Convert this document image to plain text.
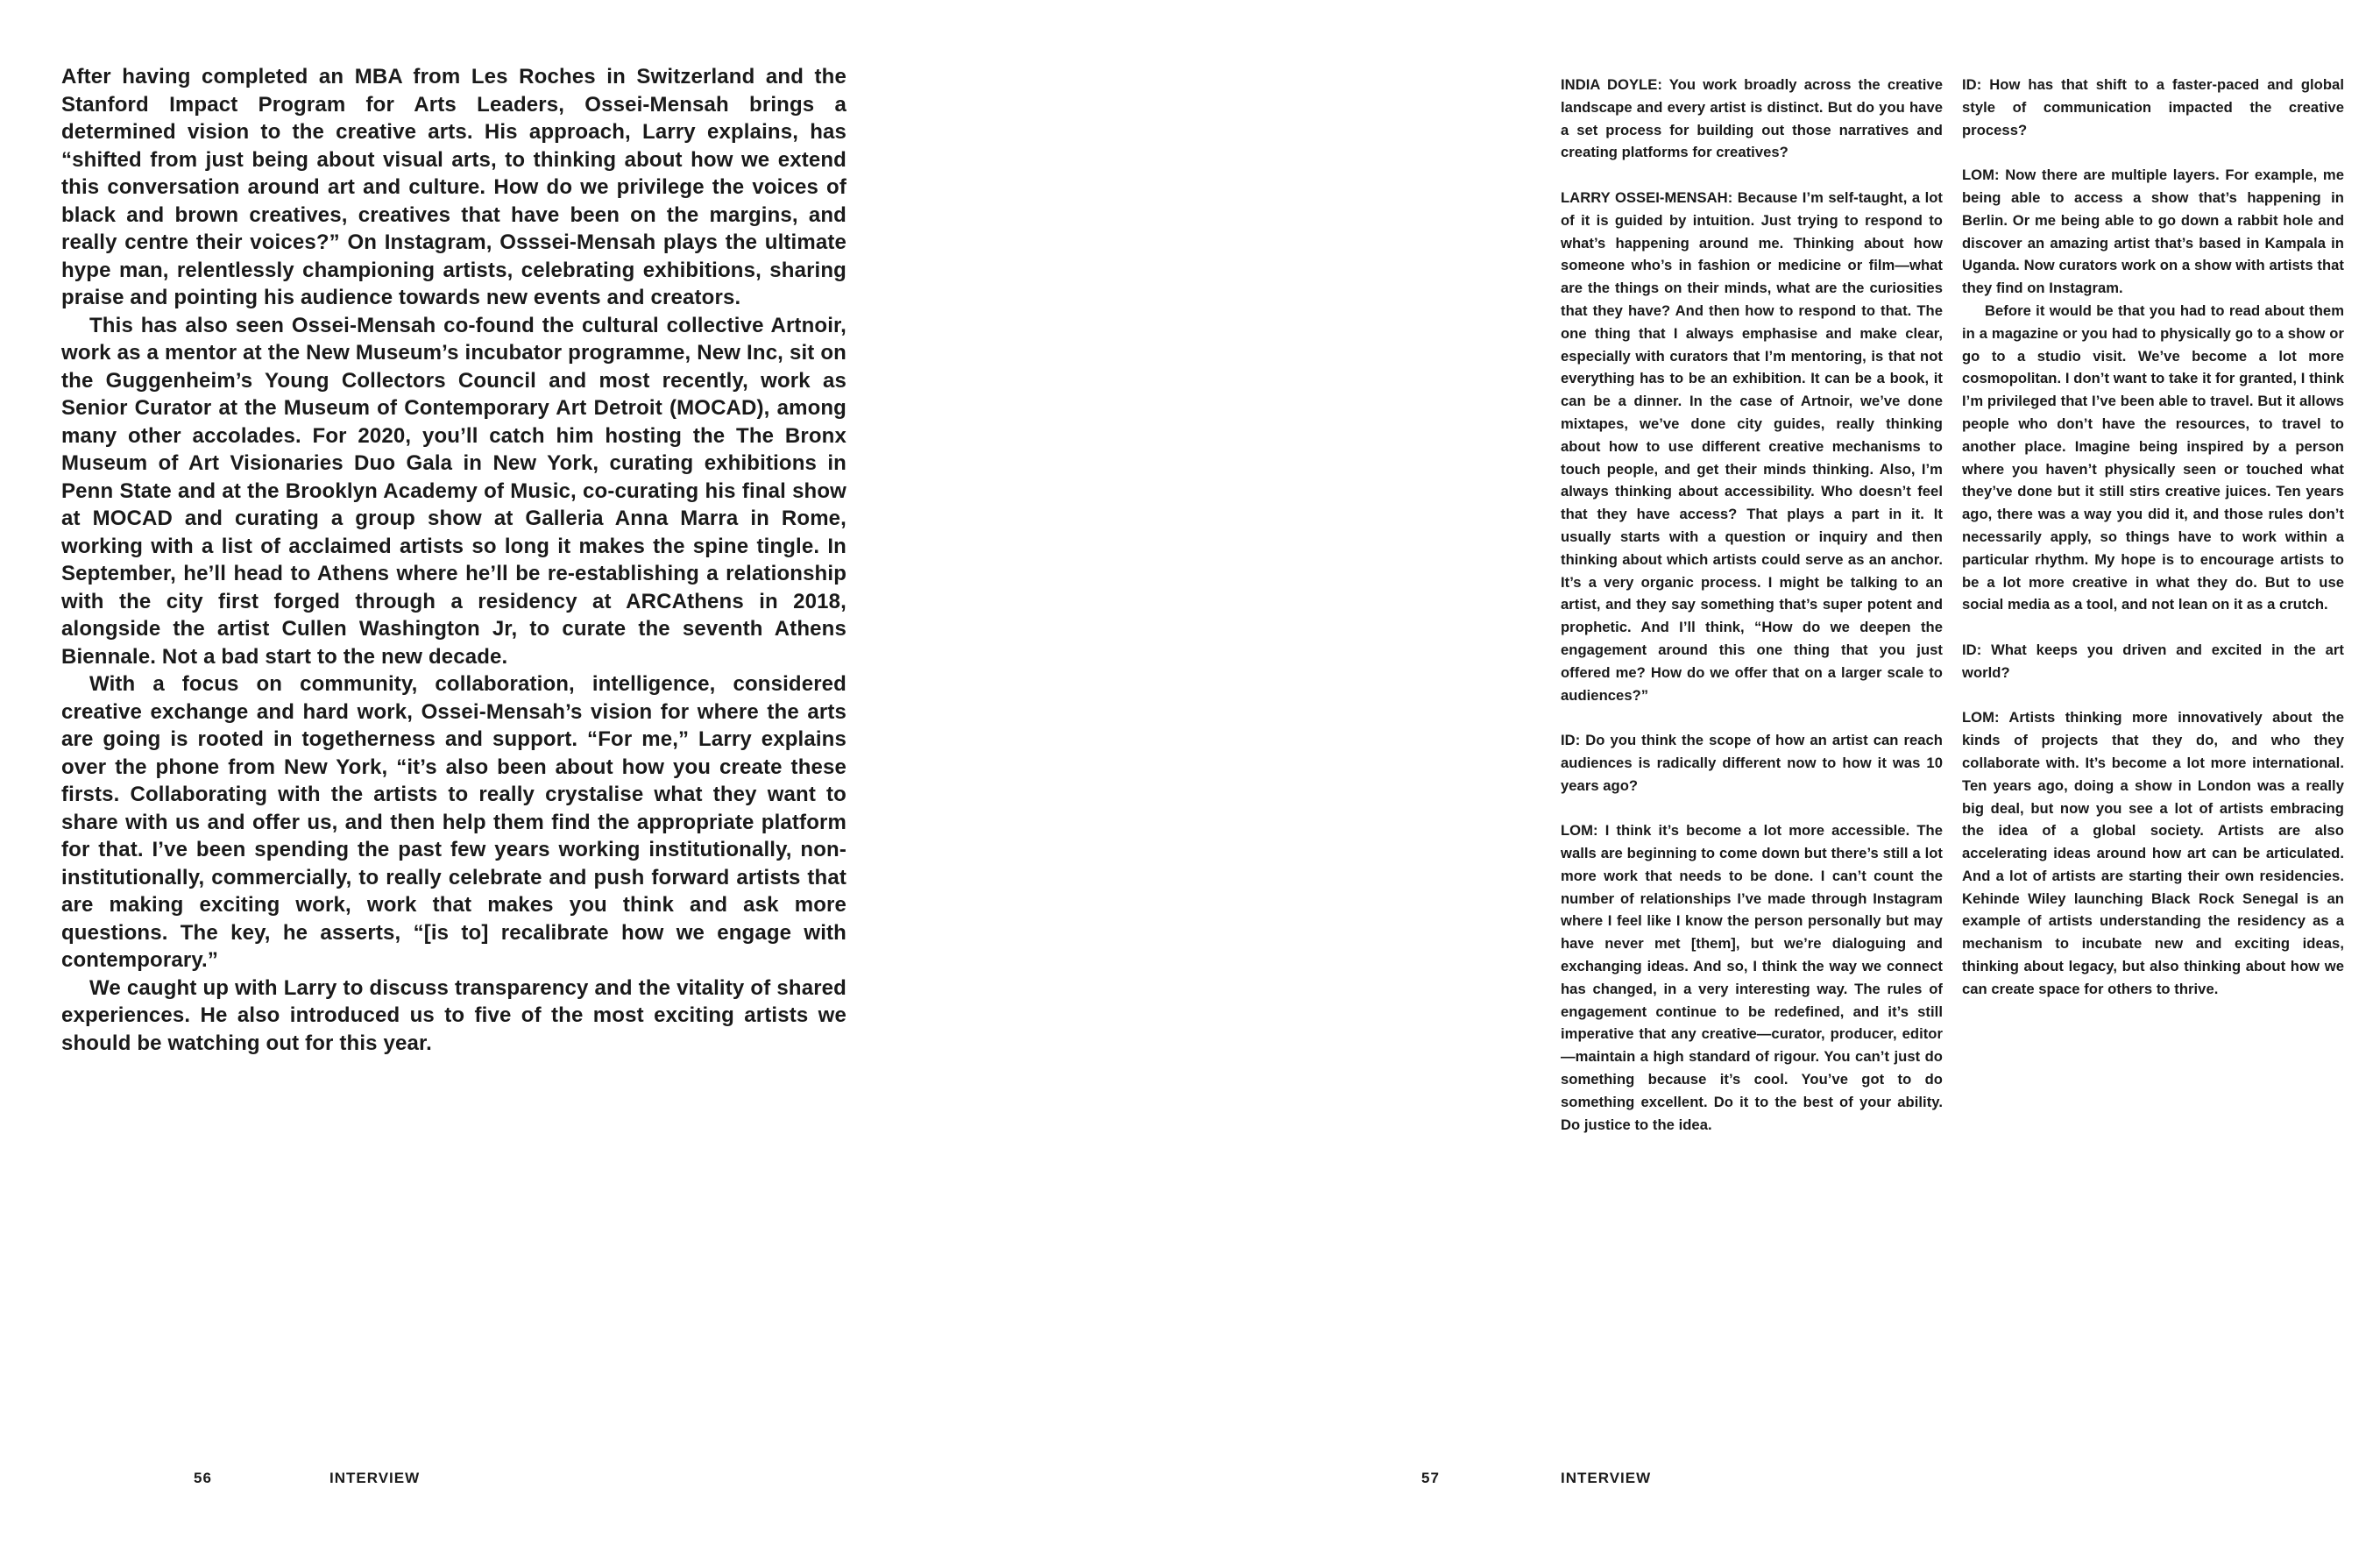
After having completed an MBA from Les Roches in Switzerland and the Stanford Impact Program for Arts Leaders, Ossei-Mensah brings a determined vision to the creative arts. His approach, Larry explains, has “shifted from just being about visual arts, to thinking about how we extend this conversation around art and culture. How do we privilege the voices of black and brown creatives, creatives that have been on the margins, and really centre their voices?” On Instagram, Osssei-Mensah plays the ultimate hype man, relentlessly championing artists, celebrating exhibitions, sharing praise and pointing his audience towards new events and creators.

This has also seen Ossei-Mensah co-found the cultural collective Artnoir, work as a mentor at the New Museum’s incubator programme, New Inc, sit on the Guggenheim’s Young Collectors Council and most recently, work as Senior Curator at the Museum of Contemporary Art Detroit (MOCAD), among many other accolades. For 2020, you’ll catch him hosting the The Bronx Museum of Art Visionaries Duo Gala in New York, curating exhibitions in Penn State and at the Brooklyn Academy of Music, co-curating his final show at MOCAD and curating a group show at Galleria Anna Marra in Rome, working with a list of acclaimed artists so long it makes the spine tingle. In September, he’ll head to Athens where he’ll be re-establishing a relationship with the city first forged through a residency at ARCAthens in 2018, alongside the artist Cullen Washington Jr, to curate the seventh Athens Biennale. Not a bad start to the new decade.

With a focus on community, collaboration, intelligence, considered creative exchange and hard work, Ossei-Mensah’s vision for where the arts are going is rooted in togetherness and support. “For me,” Larry explains over the phone from New York, “it’s also been about how you create these firsts. Collaborating with the artists to really crystalise what they want to share with us and offer us, and then help them find the appropriate platform for that. I’ve been spending the past few years working institutionally, non-institutionally, commercially, to really celebrate and push forward artists that are making exciting work, work that makes you think and ask more questions. The key, he asserts, “[is to] recalibrate how we engage with contemporary.”

We caught up with Larry to discuss transparency and the vitality of shared experiences. He also introduced us to five of the most exciting artists we should be watching out for this year.

56	INTERVIEW

INDIA DOYLE: You work broadly across the creative landscape and every artist is distinct. But do you have a set process for building out those narratives and creating platforms for creatives?

LARRY OSSEI-MENSAH: Because I’m self-taught, a lot of it is guided by intuition. Just trying to respond to what’s happening around me. Thinking about how someone who’s in fashion or medicine or film—what are the things on their minds, what are the curiosities that they have? And then how to respond to that. The one thing that I always emphasise and make clear, especially with curators that I’m mentoring, is that not everything has to be an exhibition. It can be a book, it can be a dinner. In the case of Artnoir, we’ve done mixtapes, we’ve done city guides, really thinking about how to use different creative mechanisms to touch people, and get their minds thinking. Also, I’m always thinking about accessibility. Who doesn’t feel that they have access? That plays a part in it. It usually starts with a question or inquiry and then thinking about which artists could serve as an anchor. It’s a very organic process. I might be talking to an artist, and they say something that’s super potent and prophetic. And I’ll think, “How do we deepen the engagement around this one thing that you just offered me? How do we offer that on a larger scale to audiences?”

ID: Do you think the scope of how an artist can reach audiences is radically different now to how it was 10 years ago?

LOM: I think it’s become a lot more accessible. The walls are beginning to come down but there’s still a lot more work that needs to be done. I can’t count the number of relationships I’ve made through Instagram where I feel like I know the person personally but may have never met [them], but we’re dialoguing and exchanging ideas. And so, I think the way we connect has changed, in a very interesting way. The rules of engagement continue to be redefined, and it’s still imperative that any creative—curator, producer, editor—maintain a high standard of rigour. You can’t just do something because it’s cool. You’ve got to do something excellent. Do it to the best of your ability. Do justice to the idea.

ID: How has that shift to a faster-paced and global style of communication impacted the creative process?

LOM: Now there are multiple layers. For example, me being able to access a show that’s happening in Berlin. Or me being able to go down a rabbit hole and discover an amazing artist that’s based in Kampala in Uganda. Now curators work on a show with artists that they find on Instagram.

Before it would be that you had to read about them in a magazine or you had to physically go to a show or go to a studio visit. We’ve become a lot more cosmopolitan. I don’t want to take it for granted, I think I’m privileged that I’ve been able to travel. But it allows people who don’t have the resources, to travel to another place. Imagine being inspired by a person where you haven’t physically seen or touched what they’ve done but it still stirs creative juices. Ten years ago, there was a way you did it, and those rules don’t necessarily apply, so things have to work within a particular rhythm. My hope is to encourage artists to be a lot more creative in what they do. But to use social media as a tool, and not lean on it as a crutch.

ID: What keeps you driven and excited in the art world?

LOM: Artists thinking more innovatively about the kinds of projects that they do, and who they collaborate with. It’s become a lot more international. Ten years ago, doing a show in London was a really big deal, but now you see a lot of artists embracing the idea of a global society. Artists are also accelerating ideas around how art can be articulated. And a lot of artists are starting their own residencies. Kehinde Wiley launching Black Rock Senegal is an example of artists understanding the residency as a mechanism to incubate new and exciting ideas, thinking about legacy, but also thinking about how we can create space for others to thrive.

57	INTERVIEW
